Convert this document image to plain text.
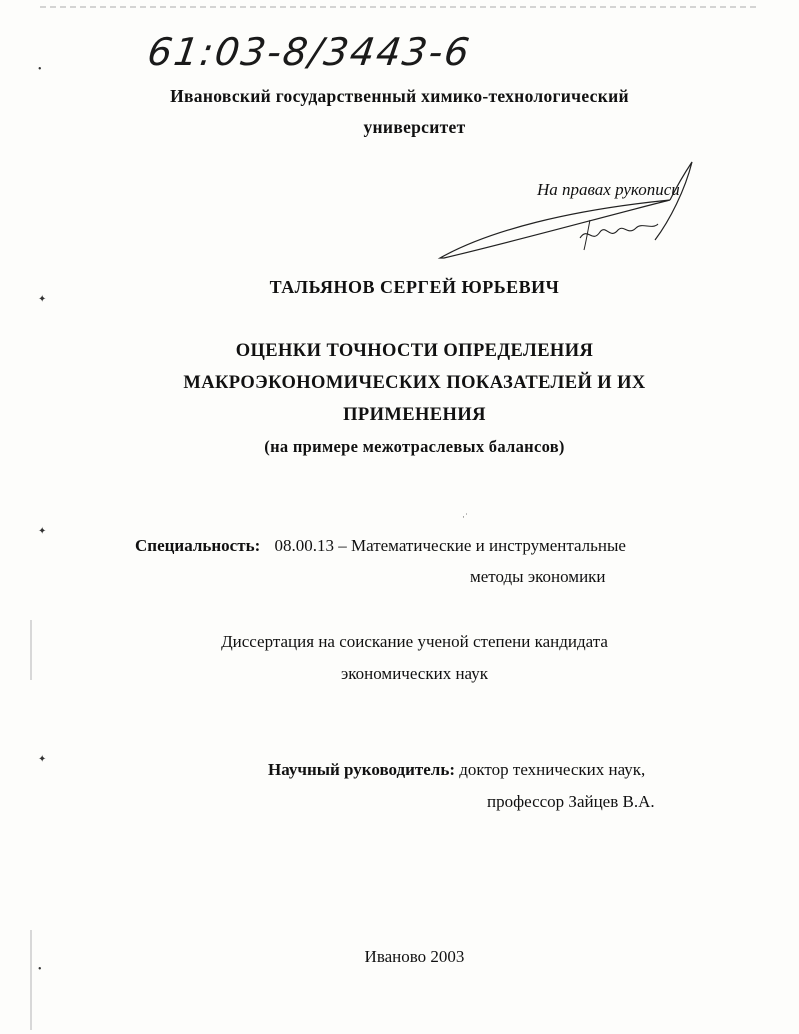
•
✦
✦
✦
•
61:03-8/3443-6
Ивановский государственный химико-технологический
университет
На правах рукописи
ТАЛЬЯНОВ СЕРГЕЙ ЮРЬЕВИЧ
ОЦЕНКИ ТОЧНОСТИ ОПРЕДЕЛЕНИЯ
МАКРОЭКОНОМИЧЕСКИХ ПОКАЗАТЕЛЕЙ И ИХ
ПРИМЕНЕНИЯ
(на примере межотраслевых балансов)
·˙
Специальность: 08.00.13 – Математические и инструментальные
методы экономики
Диссертация на соискание ученой степени кандидата
экономических наук
Научный руководитель: доктор технических наук,
профессор Зайцев В.А.
Иваново 2003
